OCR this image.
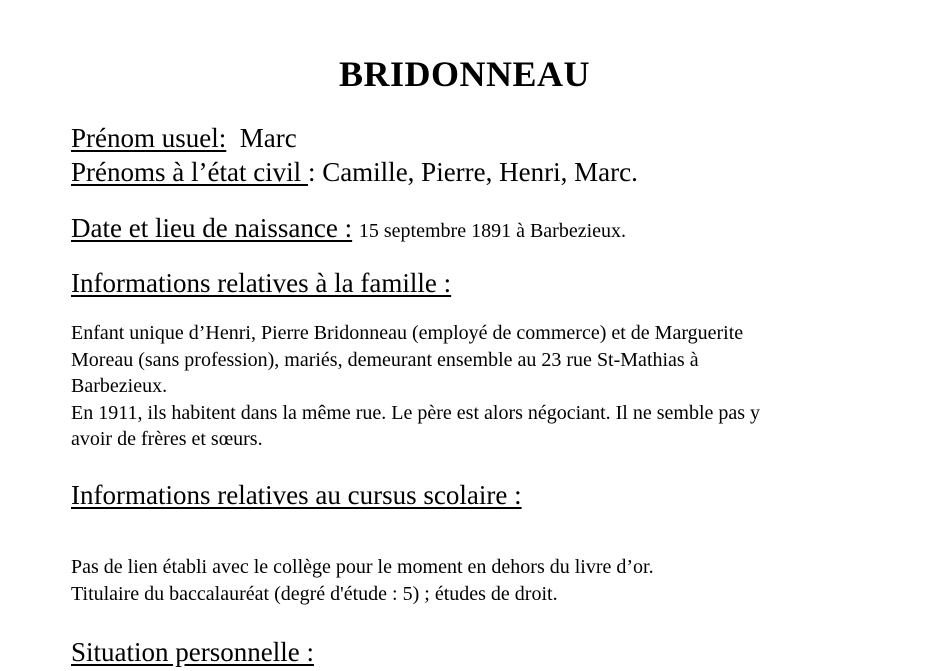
BRIDONNEAU
Prénom usuel: Marc
Prénoms à l’état civil : Camille, Pierre, Henri, Marc.
Date et lieu de naissance : 15 septembre 1891 à Barbezieux.
Informations relatives à la famille :
Enfant unique d’Henri, Pierre Bridonneau (employé de commerce) et de Marguerite
Moreau (sans profession), mariés, demeurant ensemble au 23 rue St-Mathias à
Barbezieux.
En 1911, ils habitent dans la même rue. Le père est alors négociant. Il ne semble pas y
avoir de frères et sœurs.
Informations relatives au cursus scolaire :
Pas de lien établi avec le collège pour le moment en dehors du livre d’or.
Titulaire du baccalauréat (degré d'étude : 5) ; études de droit.
Situation personnelle :
